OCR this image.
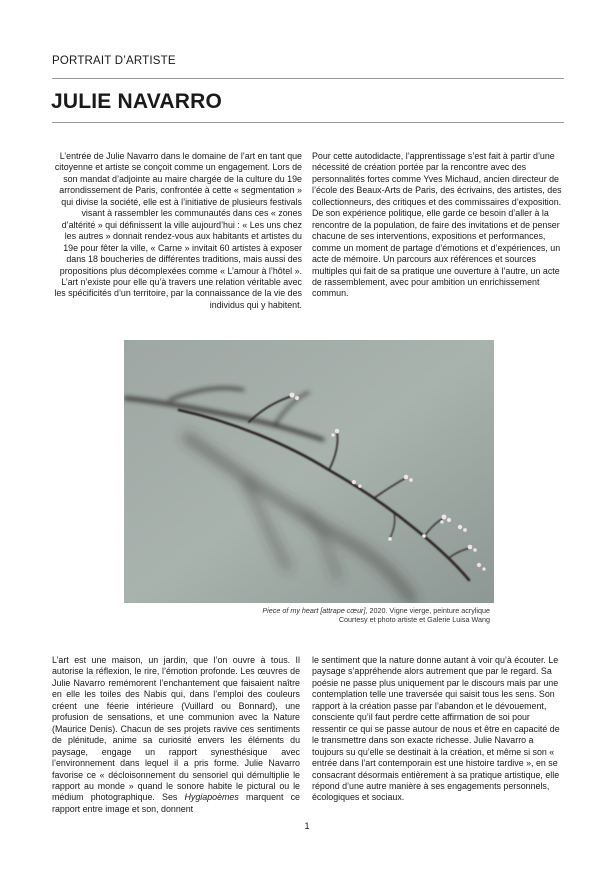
PORTRAIT D’ARTISTE
JULIE NAVARRO

L’entrée de Julie Navarro dans le domaine de l’art en tant que citoyenne et artiste se conçoit comme un engagement. Lors de son mandat d’adjointe au maire chargée de la culture du 19e arrondissement de Paris, confrontée à cette « segmentation » qui divise la société, elle est à l’initiative de plusieurs festivals visant à rassembler les communautés dans ces « zones d’altérité » qui définissent la ville aujourd’hui : « Les uns chez les autres » donnait rendez-vous aux habitants et artistes du 19e pour fêter la ville, « Carne » invitait 60 artistes à exposer dans 18 boucheries de différentes traditions, mais aussi des propositions plus décomplexées comme « L’amour à l’hôtel ». L’art n’existe pour elle qu’à travers une relation véritable avec les spécificités d’un territoire, par la connaissance de la vie des individus qui y habitent.

Pour cette autodidacte, l’apprentissage s’est fait à partir d’une nécessité de création portée par la rencontre avec des personnalités fortes comme Yves Michaud, ancien directeur de l’école des Beaux-Arts de Paris, des écrivains, des artistes, des collectionneurs, des critiques et des commissaires d’exposition. De son expérience politique, elle garde ce besoin d’aller à la rencontre de la population, de faire des invitations et de penser chacune de ses interventions, expositions et performances, comme un moment de partage d’émotions et d’expériences, un acte de mémoire. Un parcours aux références et sources multiples qui fait de sa pratique une ouverture à l’autre, un acte de rassemblement, avec pour ambition un enrichissement commun.

Piece of my heart [attrape cœur], 2020. Vigne vierge, peinture acrylique
Courtesy et photo artiste et Galerie Luisa Wang

L’art est une maison, un jardin, que l’on ouvre à tous. Il autorise la réflexion, le rire, l’émotion profonde. Les œuvres de Julie Navarro remémorent l’enchantement que faisaient naître en elle les toiles des Nabis qui, dans l’emploi des couleurs créent une féerie intérieure (Vuillard ou Bonnard), une profusion de sensations, et une communion avec la Nature (Maurice Denis). Chacun de ses projets ravive ces sentiments de plénitude, anime sa curiosité envers les éléments du paysage, engage un rapport synesthésique avec l’environnement dans lequel il a pris forme. Julie Navarro favorise ce « décloisonnement du sensoriel qui démultiplie le rapport au monde » quand le sonore habite le pictural ou le médium photographique. Ses Hygiapoèmes marquent ce rapport entre image et son, donnent

le sentiment que la nature donne autant à voir qu’à écouter. Le paysage s’appréhende alors autrement que par le regard. Sa poésie ne passe plus uniquement par le discours mais par une contemplation telle une traversée qui saisit tous les sens. Son rapport à la création passe par l’abandon et le dévouement, consciente qu’il faut perdre cette affirmation de soi pour ressentir ce qui se passe autour de nous et être en capacité de le transmettre dans son exacte richesse. Julie Navarro a toujours su qu’elle se destinait à la création, et même si son « entrée dans l’art contemporain est une histoire tardive », en se consacrant désormais entièrement à sa pratique artistique, elle répond d’une autre manière à ses engagements personnels, écologiques et sociaux.

1
